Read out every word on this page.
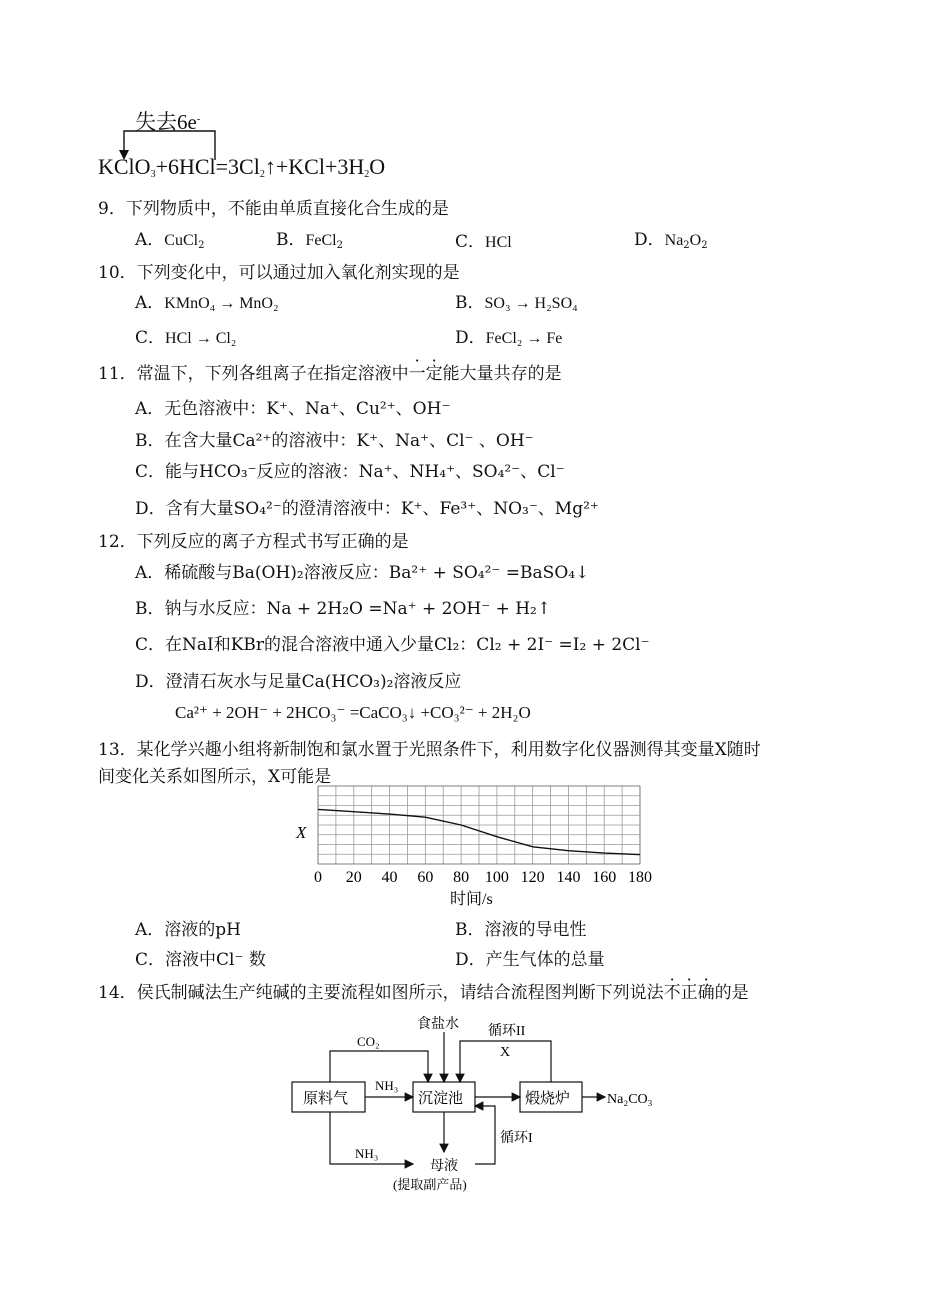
失去6e-
$KClO_3+6HCl=3Cl_2↑+KCl+3H_2O$
9．下列物质中，不能由单质直接化合生成的是
A．CuCl$_2$	B．FeCl$_2$	C．HCl	D．$Na_2O_2$
10．下列变化中，可以通过加入氧化剂实现的是
A．KMnO₄ → MnO₂	B．SO₃ → H₂SO₄
C．HCl → Cl₂	D．FeCl₂ → Fe
11．常温下，下列各组离子在指定溶液中一定能大量共存的是
A．无色溶液中：K⁺、Na⁺、Cu²⁺、OH⁻
B．在含大量Ca²⁺的溶液中：K⁺、Na⁺、Cl⁻ 、OH⁻
C．能与HCO₃⁻反应的溶液：Na⁺、NH₄⁺、SO₄²⁻、Cl⁻
D．含有大量SO₄²⁻的澄清溶液中：K⁺、Fe³⁺、NO₃⁻、Mg²⁺
12．下列反应的离子方程式书写正确的是
A．稀硫酸与Ba(OH)₂溶液反应：Ba²⁺ + SO₄²⁻ =BaSO₄↓
B．钠与水反应：Na + 2H₂O =Na⁺ + 2OH⁻ + H₂↑
C．在NaI和KBr的混合溶液中通入少量Cl₂：Cl₂ + 2I⁻ =I₂ + 2Cl⁻
D．澄清石灰水与足量Ca(HCO₃)₂溶液反应
Ca²⁺ + 2OH⁻ + 2HCO₃⁻ =CaCO₃↓ +CO₃²⁻ + 2H₂O
13．某化学兴趣小组将新制饱和氯水置于光照条件下，利用数字化仪器测得其变量X随时
间变化关系如图所示，X可能是
0 20 40 60 80 100 120 140 160 180
X
时间/s
A．溶液的pH	B．溶液的导电性
C．溶液中Cl⁻ 数	D．产生气体的总量
14．侯氏制碱法生产纯碱的主要流程如图所示，请结合流程图判断下列说法不正确的是
原料气	沉淀池	煅烧炉	Na₂CO₃
食盐水
CO₂
NH₃
循环II
X
循环I
NH₃
母液
(提取副产品)
